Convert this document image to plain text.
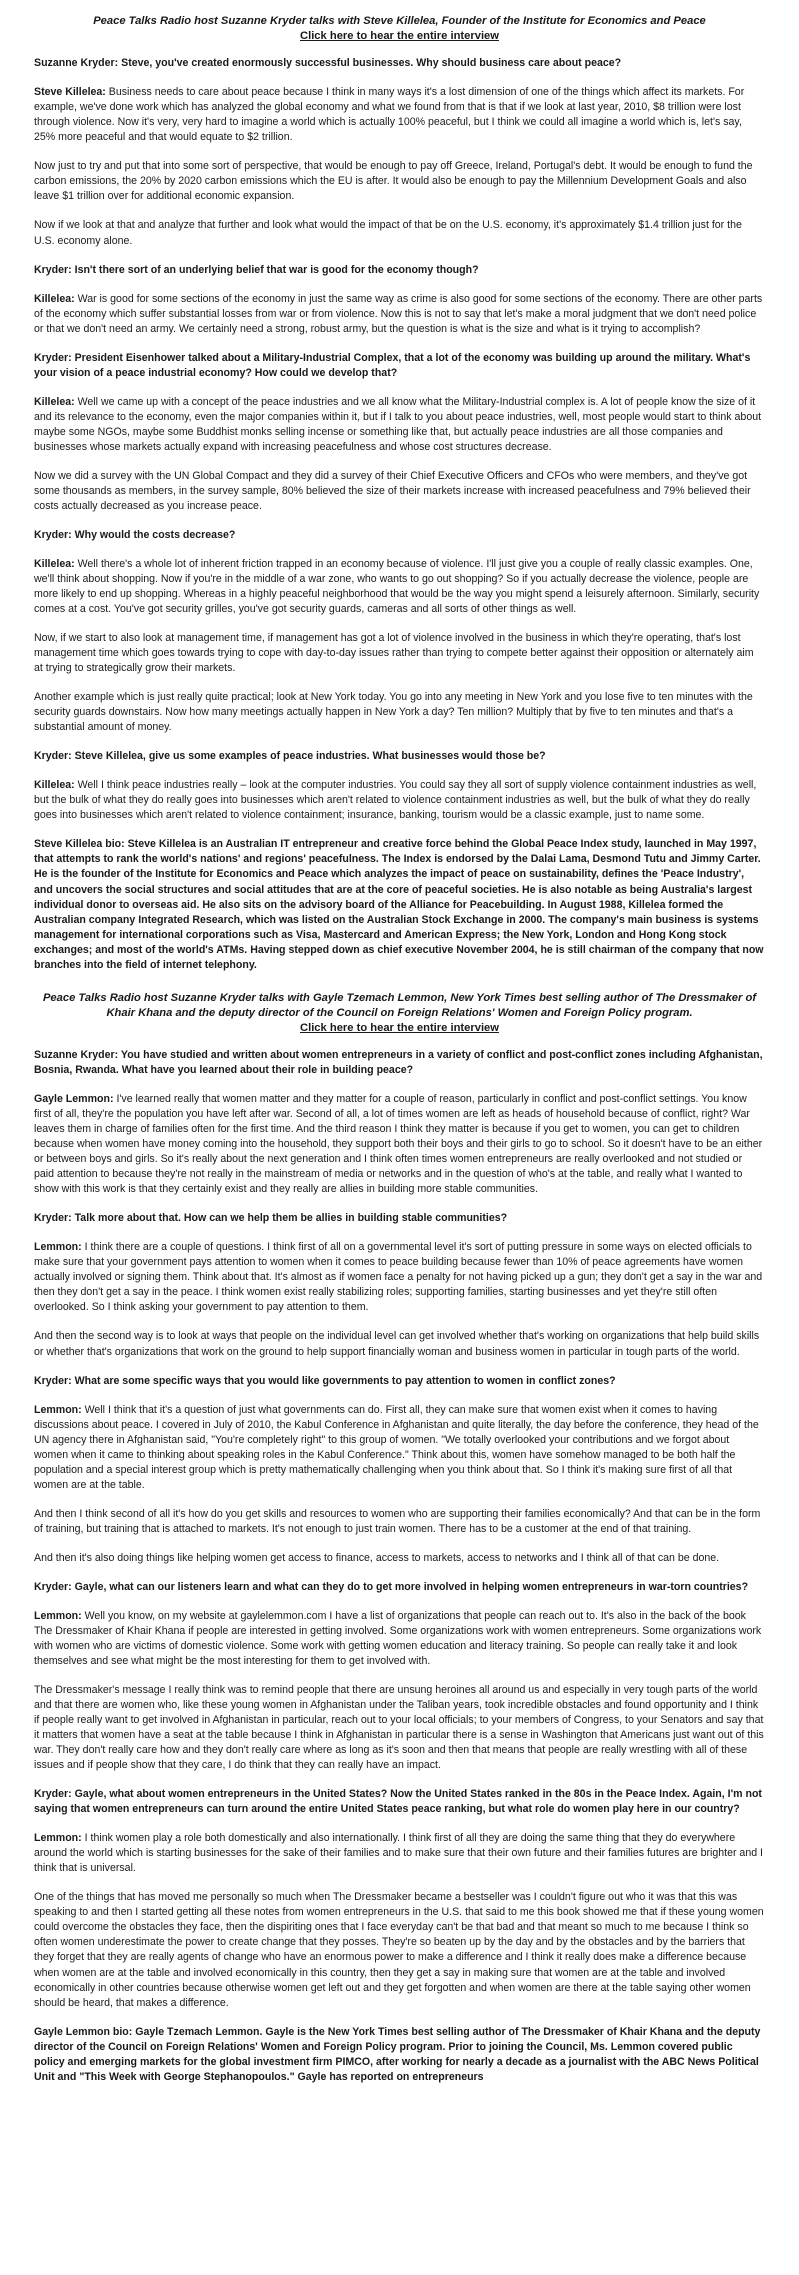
Peace Talks Radio host Suzanne Kryder talks with Steve Killelea, Founder of the Institute for Economics and Peace
Click here to hear the entire interview

Suzanne Kryder: Steve, you've created enormously successful businesses. Why should business care about peace?

Steve Killelea: Business needs to care about peace because I think in many ways it's a lost dimension of one of the things which affect its markets. For example, we've done work which has analyzed the global economy and what we found from that is that if we look at last year, 2010, $8 trillion were lost through violence. Now it's very, very hard to imagine a world which is actually 100% peaceful, but I think we could all imagine a world which is, let's say, 25% more peaceful and that would equate to $2 trillion.

Now just to try and put that into some sort of perspective, that would be enough to pay off Greece, Ireland, Portugal's debt. It would be enough to fund the carbon emissions, the 20% by 2020 carbon emissions which the EU is after. It would also be enough to pay the Millennium Development Goals and also leave $1 trillion over for additional economic expansion.

Now if we look at that and analyze that further and look what would the impact of that be on the U.S. economy, it's approximately $1.4 trillion just for the U.S. economy alone.

Kryder: Isn't there sort of an underlying belief that war is good for the economy though?

Killelea: War is good for some sections of the economy in just the same way as crime is also good for some sections of the economy. There are other parts of the economy which suffer substantial losses from war or from violence. Now this is not to say that let's make a moral judgment that we don't need police or that we don't need an army. We certainly need a strong, robust army, but the question is what is the size and what is it trying to accomplish?

Kryder: President Eisenhower talked about a Military-Industrial Complex, that a lot of the economy was building up around the military. What's your vision of a peace industrial economy? How could we develop that?

Killelea: Well we came up with a concept of the peace industries and we all know what the Military-Industrial complex is. A lot of people know the size of it and its relevance to the economy, even the major companies within it, but if I talk to you about peace industries, well, most people would start to think about maybe some NGOs, maybe some Buddhist monks selling incense or something like that, but actually peace industries are all those companies and businesses whose markets actually expand with increasing peacefulness and whose cost structures decrease.

Now we did a survey with the UN Global Compact and they did a survey of their Chief Executive Officers and CFOs who were members, and they've got some thousands as members, in the survey sample, 80% believed the size of their markets increase with increased peacefulness and 79% believed their costs actually decreased as you increase peace.

Kryder: Why would the costs decrease?

Killelea: Well there's a whole lot of inherent friction trapped in an economy because of violence. I'll just give you a couple of really classic examples. One, we'll think about shopping. Now if you're in the middle of a war zone, who wants to go out shopping? So if you actually decrease the violence, people are more likely to end up shopping. Whereas in a highly peaceful neighborhood that would be the way you might spend a leisurely afternoon. Similarly, security comes at a cost. You've got security grilles, you've got security guards, cameras and all sorts of other things as well.

Now, if we start to also look at management time, if management has got a lot of violence involved in the business in which they're operating, that's lost management time which goes towards trying to cope with day-to-day issues rather than trying to compete better against their opposition or alternately aim at trying to strategically grow their markets.

Another example which is just really quite practical; look at New York today. You go into any meeting in New York and you lose five to ten minutes with the security guards downstairs. Now how many meetings actually happen in New York a day? Ten million? Multiply that by five to ten minutes and that's a substantial amount of money.

Kryder: Steve Killelea, give us some examples of peace industries. What businesses would those be?

Killelea: Well I think peace industries really – look at the computer industries. You could say they all sort of supply violence containment industries as well, but the bulk of what they do really goes into businesses which aren't related to violence containment industries as well, but the bulk of what they do really goes into businesses which aren't related to violence containment; insurance, banking, tourism would be a classic example, just to name some.

Steve Killelea bio: Steve Killelea is an Australian IT entrepreneur and creative force behind the Global Peace Index study, launched in May 1997, that attempts to rank the world's nations' and regions' peacefulness. The Index is endorsed by the Dalai Lama, Desmond Tutu and Jimmy Carter. He is the founder of the Institute for Economics and Peace which analyzes the impact of peace on sustainability, defines the 'Peace Industry', and uncovers the social structures and social attitudes that are at the core of peaceful societies. He is also notable as being Australia's largest individual donor to overseas aid. He also sits on the advisory board of the Alliance for Peacebuilding. In August 1988, Killelea formed the Australian company Integrated Research, which was listed on the Australian Stock Exchange in 2000. The company's main business is systems management for international corporations such as Visa, Mastercard and American Express; the New York, London and Hong Kong stock exchanges; and most of the world's ATMs. Having stepped down as chief executive November 2004, he is still chairman of the company that now branches into the field of internet telephony.

Peace Talks Radio host Suzanne Kryder talks with Gayle Tzemach Lemmon, New York Times best selling author of The Dressmaker of Khair Khana and the deputy director of the Council on Foreign Relations' Women and Foreign Policy program.
Click here to hear the entire interview

Suzanne Kryder: You have studied and written about women entrepreneurs in a variety of conflict and post-conflict zones including Afghanistan, Bosnia, Rwanda. What have you learned about their role in building peace?

Gayle Lemmon: I've learned really that women matter and they matter for a couple of reason, particularly in conflict and post-conflict settings. You know first of all, they're the population you have left after war. Second of all, a lot of times women are left as heads of household because of conflict, right? War leaves them in charge of families often for the first time. And the third reason I think they matter is because if you get to women, you can get to children because when women have money coming into the household, they support both their boys and their girls to go to school. So it doesn't have to be an either or between boys and girls. So it's really about the next generation and I think often times women entrepreneurs are really overlooked and not studied or paid attention to because they're not really in the mainstream of media or networks and in the question of who's at the table, and really what I wanted to show with this work is that they certainly exist and they really are allies in building more stable communities.

Kryder: Talk more about that. How can we help them be allies in building stable communities?

Lemmon: I think there are a couple of questions. I think first of all on a governmental level it's sort of putting pressure in some ways on elected officials to make sure that your government pays attention to women when it comes to peace building because fewer than 10% of peace agreements have women actually involved or signing them. Think about that. It's almost as if women face a penalty for not having picked up a gun; they don't get a say in the war and then they don't get a say in the peace. I think women exist really stabilizing roles; supporting families, starting businesses and yet they're still often overlooked. So I think asking your government to pay attention to them.

And then the second way is to look at ways that people on the individual level can get involved whether that's working on organizations that help build skills or whether that's organizations that work on the ground to help support financially woman and business women in particular in tough parts of the world.

Kryder: What are some specific ways that you would like governments to pay attention to women in conflict zones?

Lemmon: Well I think that it's a question of just what governments can do. First all, they can make sure that women exist when it comes to having discussions about peace. I covered in July of 2010, the Kabul Conference in Afghanistan and quite literally, the day before the conference, they head of the UN agency there in Afghanistan said, "You're completely right" to this group of women. "We totally overlooked your contributions and we forgot about women when it came to thinking about speaking roles in the Kabul Conference." Think about this, women have somehow managed to be both half the population and a special interest group which is pretty mathematically challenging when you think about that. So I think it's making sure first of all that women are at the table.

And then I think second of all it's how do you get skills and resources to women who are supporting their families economically? And that can be in the form of training, but training that is attached to markets. It's not enough to just train women. There has to be a customer at the end of that training.

And then it's also doing things like helping women get access to finance, access to markets, access to networks and I think all of that can be done.

Kryder: Gayle, what can our listeners learn and what can they do to get more involved in helping women entrepreneurs in war-torn countries?

Lemmon: Well you know, on my website at gaylelemmon.com I have a list of organizations that people can reach out to. It's also in the back of the book The Dressmaker of Khair Khana if people are interested in getting involved. Some organizations work with women entrepreneurs. Some organizations work with women who are victims of domestic violence. Some work with getting women education and literacy training. So people can really take it and look themselves and see what might be the most interesting for them to get involved with.

The Dressmaker's message I really think was to remind people that there are unsung heroines all around us and especially in very tough parts of the world and that there are women who, like these young women in Afghanistan under the Taliban years, took incredible obstacles and found opportunity and I think if people really want to get involved in Afghanistan in particular, reach out to your local officials; to your members of Congress, to your Senators and say that it matters that women have a seat at the table because I think in Afghanistan in particular there is a sense in Washington that Americans just want out of this war. They don't really care how and they don't really care where as long as it's soon and then that means that people are really wrestling with all of these issues and if people show that they care, I do think that they can really have an impact.

Kryder: Gayle, what about women entrepreneurs in the United States? Now the United States ranked in the 80s in the Peace Index. Again, I'm not saying that women entrepreneurs can turn around the entire United States peace ranking, but what role do women play here in our country?

Lemmon: I think women play a role both domestically and also internationally. I think first of all they are doing the same thing that they do everywhere around the world which is starting businesses for the sake of their families and to make sure that their own future and their families futures are brighter and I think that is universal.

One of the things that has moved me personally so much when The Dressmaker became a bestseller was I couldn't figure out who it was that this was speaking to and then I started getting all these notes from women entrepreneurs in the U.S. that said to me this book showed me that if these young women could overcome the obstacles they face, then the dispiriting ones that I face everyday can't be that bad and that meant so much to me because I think so often women underestimate the power to create change that they posses. They're so beaten up by the day and by the obstacles and by the barriers that they forget that they are really agents of change who have an enormous power to make a difference and I think it really does make a difference because when women are at the table and involved economically in this country, then they get a say in making sure that women are at the table and involved economically in other countries because otherwise women get left out and they get forgotten and when women are there at the table saying other women should be heard, that makes a difference.

Gayle Lemmon bio: Gayle Tzemach Lemmon. Gayle is the New York Times best selling author of The Dressmaker of Khair Khana and the deputy director of the Council on Foreign Relations' Women and Foreign Policy program. Prior to joining the Council, Ms. Lemmon covered public policy and emerging markets for the global investment firm PIMCO, after working for nearly a decade as a journalist with the ABC News Political Unit and "This Week with George Stephanopoulos." Gayle has reported on entrepreneurs
